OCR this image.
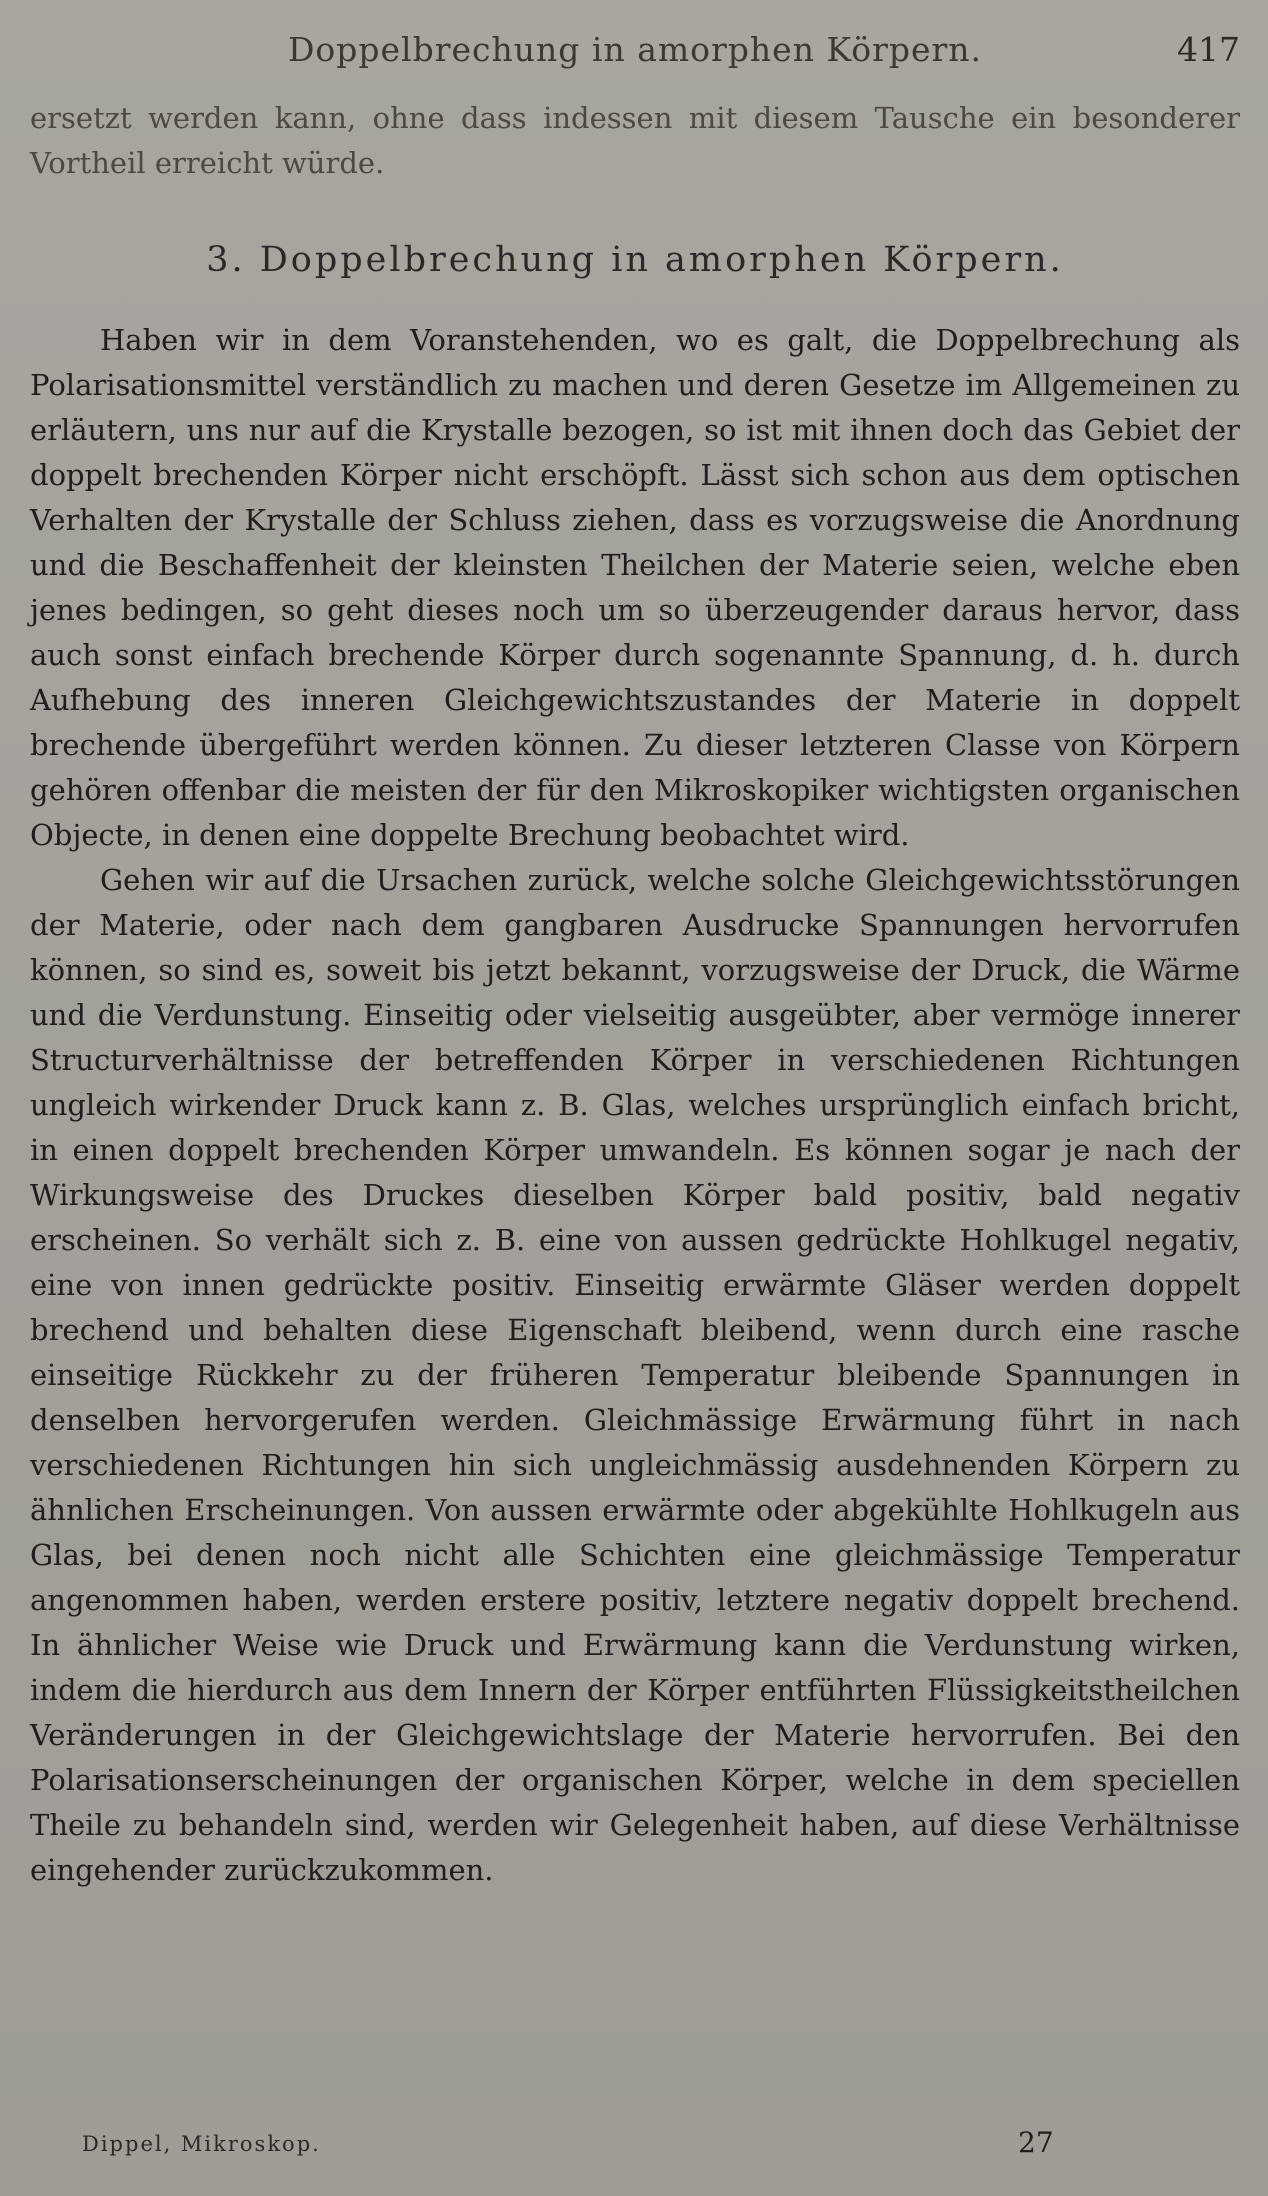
Doppelbrechung in amorphen Körpern.	417

ersetzt werden kann, ohne dass indessen mit diesem Tausche ein besonderer Vortheil erreicht würde.

3. Doppelbrechung in amorphen Körpern.

Haben wir in dem Voranstehenden, wo es galt, die Doppelbrechung als Polarisationsmittel verständlich zu machen und deren Gesetze im Allgemeinen zu erläutern, uns nur auf die Krystalle bezogen, so ist mit ihnen doch das Gebiet der doppelt brechenden Körper nicht erschöpft. Lässt sich schon aus dem optischen Verhalten der Krystalle der Schluss ziehen, dass es vorzugsweise die Anordnung und die Beschaffenheit der kleinsten Theilchen der Materie seien, welche eben jenes bedingen, so geht dieses noch um so überzeugender daraus hervor, dass auch sonst einfach brechende Körper durch sogenannte Spannung, d. h. durch Aufhebung des inneren Gleichgewichtszustandes der Materie in doppelt brechende übergeführt werden können. Zu dieser letzteren Classe von Körpern gehören offenbar die meisten der für den Mikroskopiker wichtigsten organischen Objecte, in denen eine doppelte Brechung beobachtet wird.

Gehen wir auf die Ursachen zurück, welche solche Gleichgewichtsstörungen der Materie, oder nach dem gangbaren Ausdrucke Spannungen hervorrufen können, so sind es, soweit bis jetzt bekannt, vorzugsweise der Druck, die Wärme und die Verdunstung. Einseitig oder vielseitig ausgeübter, aber vermöge innerer Structurverhältnisse der betreffenden Körper in verschiedenen Richtungen ungleich wirkender Druck kann z. B. Glas, welches ursprünglich einfach bricht, in einen doppelt brechenden Körper umwandeln. Es können sogar je nach der Wirkungsweise des Druckes dieselben Körper bald positiv, bald negativ erscheinen. So verhält sich z. B. eine von aussen gedrückte Hohlkugel negativ, eine von innen gedrückte positiv. Einseitig erwärmte Gläser werden doppelt brechend und behalten diese Eigenschaft bleibend, wenn durch eine rasche einseitige Rückkehr zu der früheren Temperatur bleibende Spannungen in denselben hervorgerufen werden. Gleichmässige Erwärmung führt in nach verschiedenen Richtungen hin sich ungleichmässig ausdehnenden Körpern zu ähnlichen Erscheinungen. Von aussen erwärmte oder abgekühlte Hohlkugeln aus Glas, bei denen noch nicht alle Schichten eine gleichmässige Temperatur angenommen haben, werden erstere positiv, letztere negativ doppelt brechend. In ähnlicher Weise wie Druck und Erwärmung kann die Verdunstung wirken, indem die hierdurch aus dem Innern der Körper entführten Flüssigkeitstheilchen Veränderungen in der Gleichgewichtslage der Materie hervorrufen. Bei den Polarisationserscheinungen der organischen Körper, welche in dem speciellen Theile zu behandeln sind, werden wir Gelegenheit haben, auf diese Verhältnisse eingehender zurückzukommen.

Dippel, Mikroskop.	27
